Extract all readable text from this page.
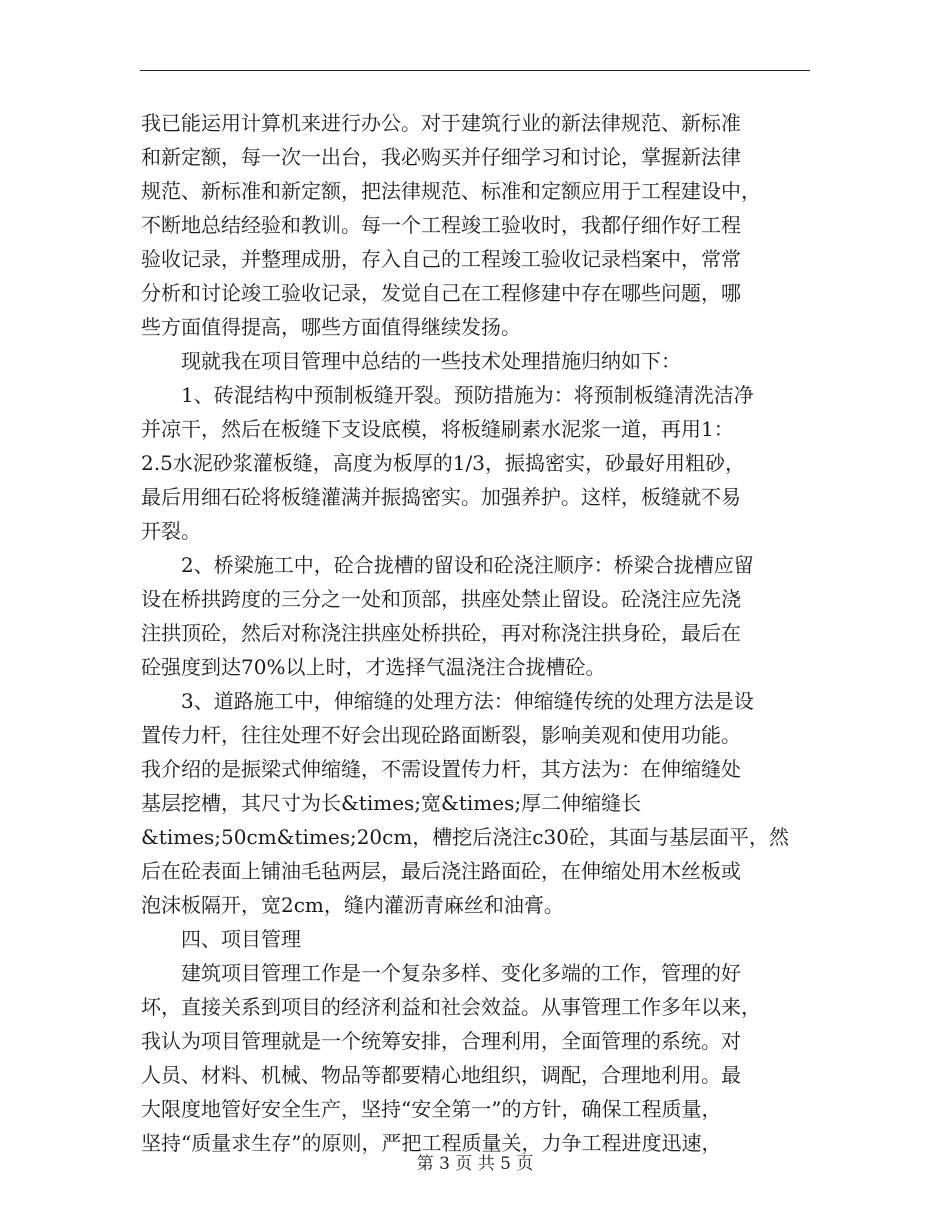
我已能运用计算机来进行办公。对于建筑行业的新法律规范、新标准
和新定额，每一次一出台，我必购买并仔细学习和讨论，掌握新法律
规范、新标准和新定额，把法律规范、标准和定额应用于工程建设中，
不断地总结经验和教训。每一个工程竣工验收时，我都仔细作好工程
验收记录，并整理成册，存入自己的工程竣工验收记录档案中，常常
分析和讨论竣工验收记录，发觉自己在工程修建中存在哪些问题，哪
些方面值得提高，哪些方面值得继续发扬。
　　现就我在项目管理中总结的一些技术处理措施归纳如下：
　　1、砖混结构中预制板缝开裂。预防措施为：将预制板缝清洗洁净
并凉干，然后在板缝下支设底模，将板缝刷素水泥浆一道，再用1：
2.5水泥砂浆灌板缝，高度为板厚的1/3，振捣密实，砂最好用粗砂，
最后用细石砼将板缝灌满并振捣密实。加强养护。这样，板缝就不易
开裂。
　　2、桥梁施工中，砼合拢槽的留设和砼浇注顺序：桥梁合拢槽应留
设在桥拱跨度的三分之一处和顶部，拱座处禁止留设。砼浇注应先浇
注拱顶砼，然后对称浇注拱座处桥拱砼，再对称浇注拱身砼，最后在
砼强度到达70%以上时，才选择气温浇注合拢槽砼。
　　3、道路施工中，伸缩缝的处理方法：伸缩缝传统的处理方法是设
置传力杆，往往处理不好会出现砼路面断裂，影响美观和使用功能。
我介绍的是振梁式伸缩缝，不需设置传力杆，其方法为：在伸缩缝处
基层挖槽，其尺寸为长&times;宽&times;厚二伸缩缝长
&times;50cm&times;20cm，槽挖后浇注c30砼，其面与基层面平，然
后在砼表面上铺油毛毡两层，最后浇注路面砼，在伸缩处用木丝板或
泡沫板隔开，宽2cm，缝内灌沥青麻丝和油膏。
　　四、项目管理
　　建筑项目管理工作是一个复杂多样、变化多端的工作，管理的好
坏，直接关系到项目的经济利益和社会效益。从事管理工作多年以来，
我认为项目管理就是一个统筹安排，合理利用，全面管理的系统。对
人员、材料、机械、物品等都要精心地组织，调配，合理地利用。最
大限度地管好安全生产，坚持“安全第一”的方针，确保工程质量，
坚持“质量求生存”的原则，严把工程质量关，力争工程进度迅速，
第 3 页 共 5 页
